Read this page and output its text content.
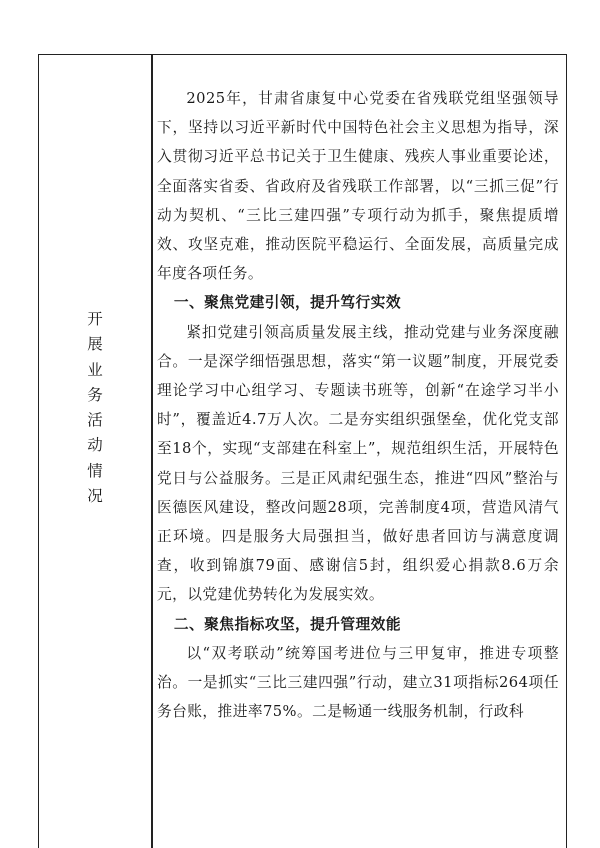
开
展
业
务
活
动
情
况

2025年，甘肃省康复中心党委在省残联党组坚强领导下，坚持以习近平新时代中国特色社会主义思想为指导，深入贯彻习近平总书记关于卫生健康、残疾人事业重要论述，全面落实省委、省政府及省残联工作部署，以“三抓三促”行动为契机、“三比三建四强”专项行动为抓手，聚焦提质增效、攻坚克难，推动医院平稳运行、全面发展，高质量完成年度各项任务。

一、聚焦党建引领，提升笃行实效

紧扣党建引领高质量发展主线，推动党建与业务深度融合。一是深学细悟强思想，落实“第一议题”制度，开展党委理论学习中心组学习、专题读书班等，创新“在途学习半小时”，覆盖近4.7万人次。二是夯实组织强堡垒，优化党支部至18个，实现“支部建在科室上”，规范组织生活，开展特色党日与公益服务。三是正风肃纪强生态，推进“四风”整治与医德医风建设，整改问题28项，完善制度4项，营造风清气正环境。四是服务大局强担当，做好患者回访与满意度调查，收到锦旗79面、感谢信5封，组织爱心捐款8.6万余元，以党建优势转化为发展实效。

二、聚焦指标攻坚，提升管理效能

以“双考联动”统筹国考进位与三甲复审，推进专项整治。一是抓实“三比三建四强”行动，建立31项指标264项任务台账，推进率75%。二是畅通一线服务机制，行政科
